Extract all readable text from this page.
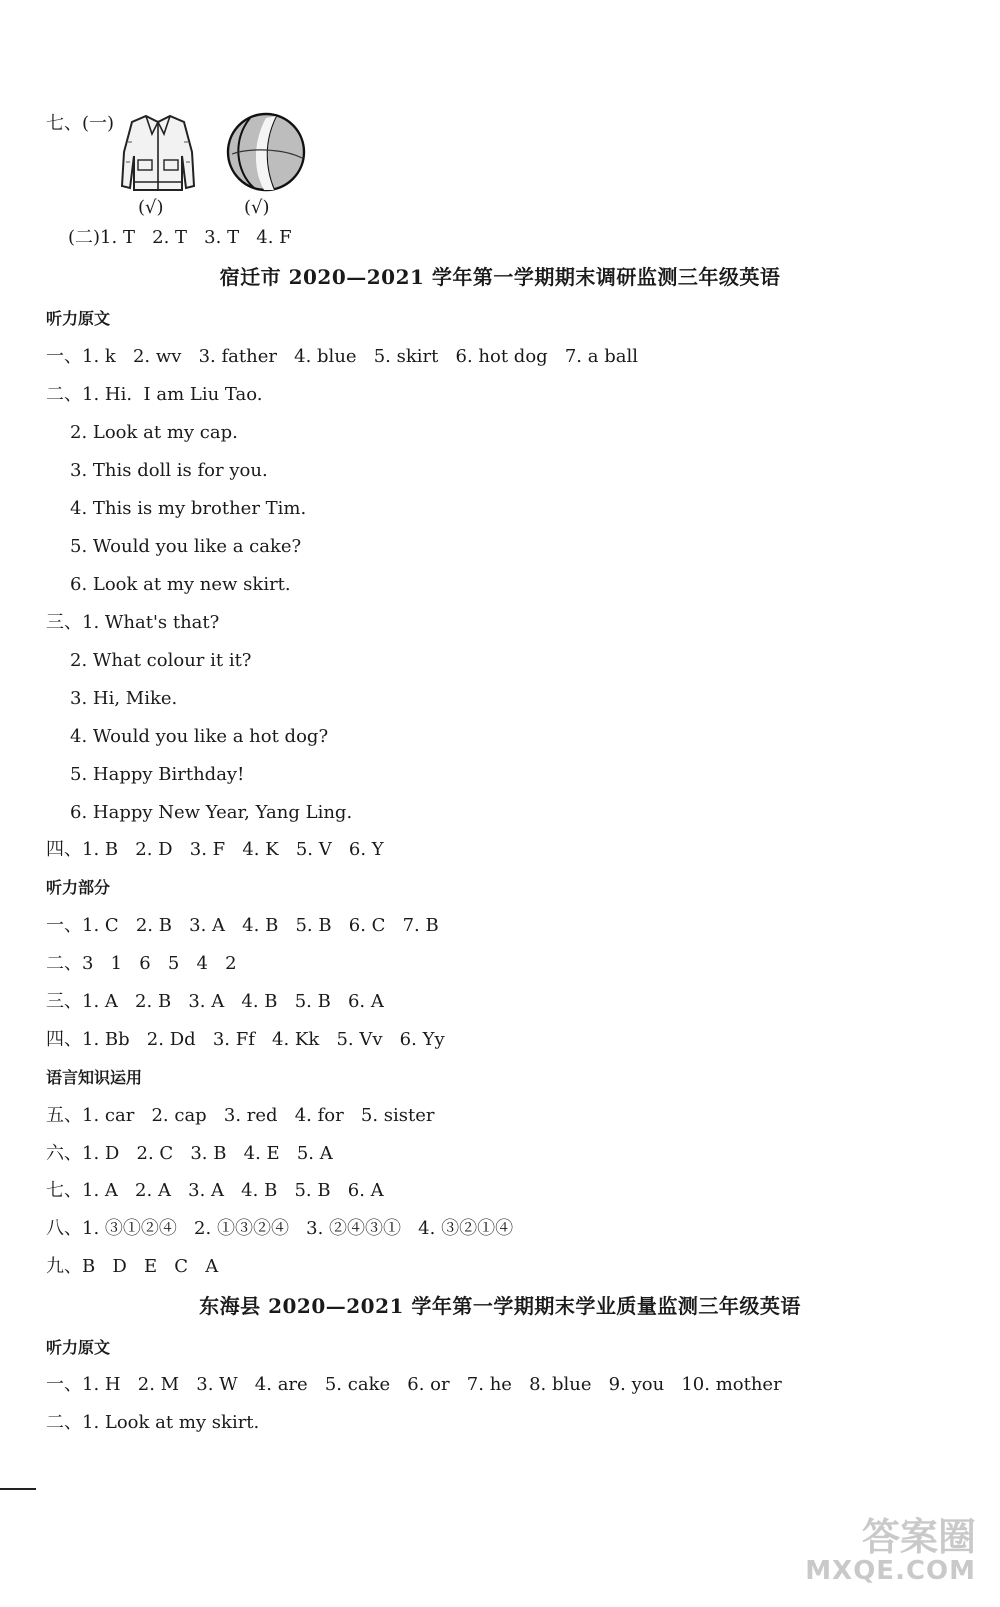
七、(一)
(√)	(√)
(二)1. T   2. T   3. T   4. F
宿迁市 2020—2021 学年第一学期期末调研监测三年级英语
听力原文
一、1. k   2. wv   3. father   4. blue   5. skirt   6. hot dog   7. a ball
二、1. Hi.  I am Liu Tao.
2. Look at my cap.
3. This doll is for you.
4. This is my brother Tim.
5. Would you like a cake?
6. Look at my new skirt.
三、1. What's that?
2. What colour it it?
3. Hi, Mike.
4. Would you like a hot dog?
5. Happy Birthday!
6. Happy New Year, Yang Ling.
四、1. B   2. D   3. F   4. K   5. V   6. Y
听力部分
一、1. C   2. B   3. A   4. B   5. B   6. C   7. B
二、3   1   6   5   4   2
三、1. A   2. B   3. A   4. B   5. B   6. A
四、1. Bb   2. Dd   3. Ff   4. Kk   5. Vv   6. Yy
语言知识运用
五、1. car   2. cap   3. red   4. for   5. sister
六、1. D   2. C   3. B   4. E   5. A
七、1. A   2. A   3. A   4. B   5. B   6. A
八、1. ③①②④   2. ①③②④   3. ②④③①   4. ③②①④
九、B   D   E   C   A
东海县 2020—2021 学年第一学期期末学业质量监测三年级英语
听力原文
一、1. H   2. M   3. W   4. are   5. cake   6. or   7. he   8. blue   9. you   10. mother
二、1. Look at my skirt.
答案圈
MXQE.COM
